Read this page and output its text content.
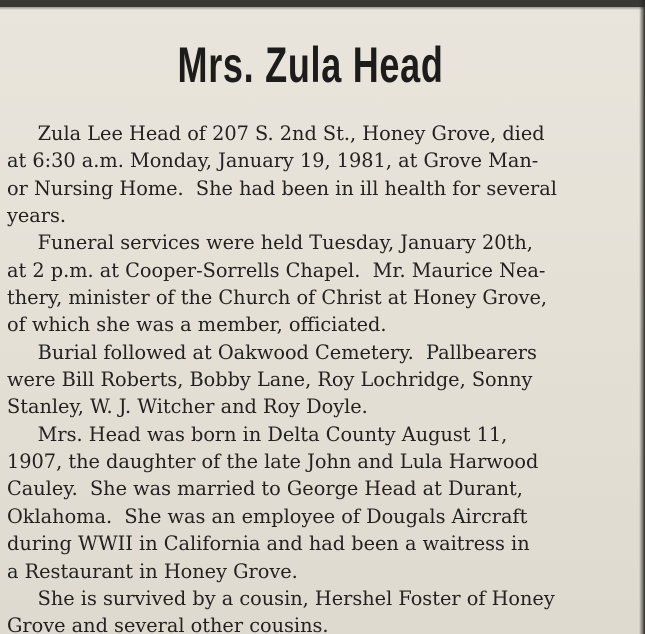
Mrs. Zula Head
Zula Lee Head of 207 S. 2nd St., Honey Grove, died
at 6:30 a.m. Monday, January 19, 1981, at Grove Man-
or Nursing Home.  She had been in ill health for several
years.
Funeral services were held Tuesday, January 20th,
at 2 p.m. at Cooper-Sorrells Chapel.  Mr. Maurice Nea-
thery, minister of the Church of Christ at Honey Grove,
of which she was a member, officiated.
Burial followed at Oakwood Cemetery.  Pallbearers
were Bill Roberts, Bobby Lane, Roy Lochridge, Sonny
Stanley, W. J. Witcher and Roy Doyle.
Mrs. Head was born in Delta County August 11,
1907, the daughter of the late John and Lula Harwood
Cauley.  She was married to George Head at Durant,
Oklahoma.  She was an employee of Dougals Aircraft
during WWII in California and had been a waitress in
a Restaurant in Honey Grove.
She is survived by a cousin, Hershel Foster of Honey
Grove and several other cousins.
